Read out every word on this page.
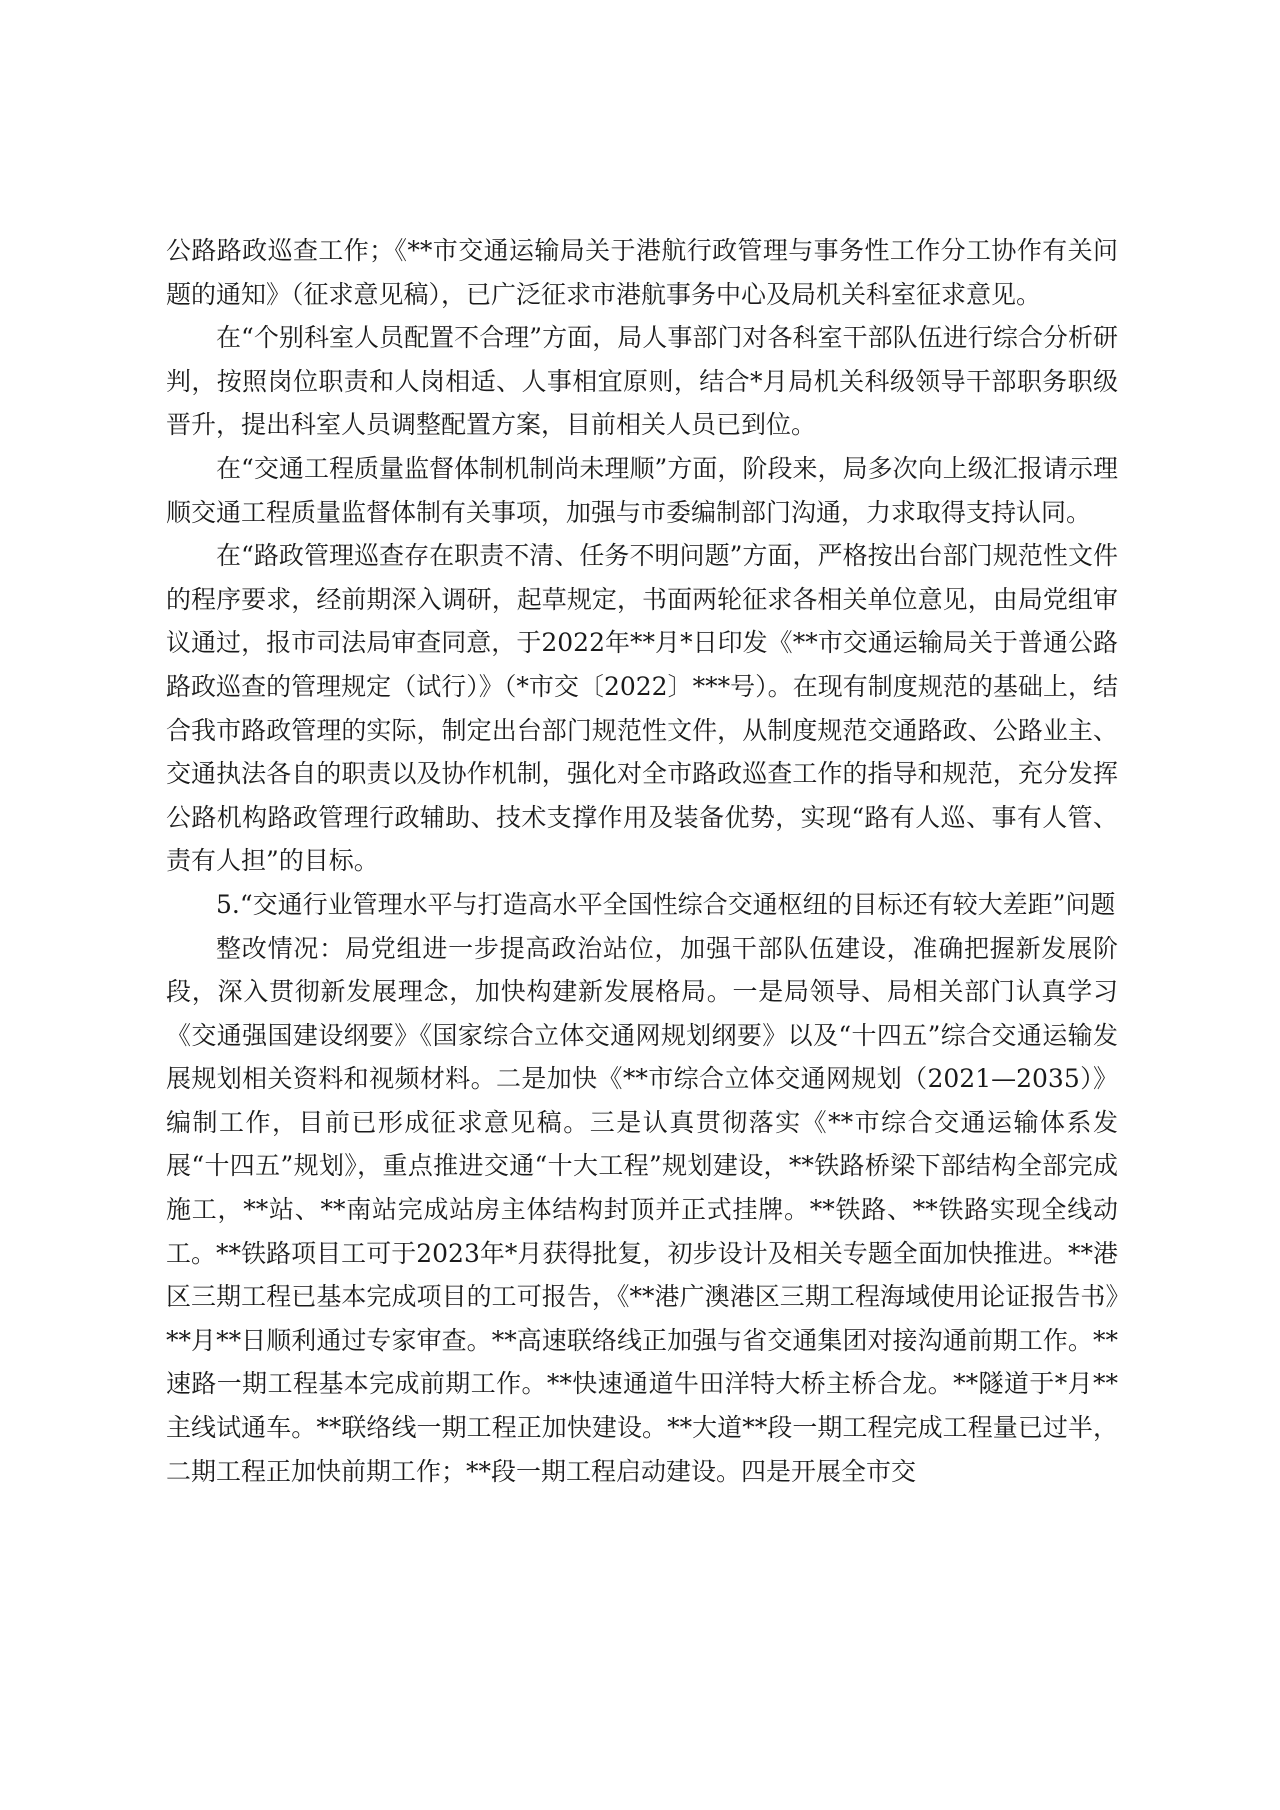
公路路政巡查工作；《**市交通运输局关于港航行政管理与事务性工作分工协作有关问题的通知》（征求意见稿），已广泛征求市港航事务中心及局机关科室征求意见。

在“个别科室人员配置不合理”方面，局人事部门对各科室干部队伍进行综合分析研判，按照岗位职责和人岗相适、人事相宜原则，结合*月局机关科级领导干部职务职级晋升，提出科室人员调整配置方案，目前相关人员已到位。

在“交通工程质量监督体制机制尚未理顺”方面，阶段来，局多次向上级汇报请示理顺交通工程质量监督体制有关事项，加强与市委编制部门沟通，力求取得支持认同。

在“路政管理巡查存在职责不清、任务不明问题”方面，严格按出台部门规范性文件的程序要求，经前期深入调研，起草规定，书面两轮征求各相关单位意见，由局党组审议通过，报市司法局审查同意，于2022年**月*日印发《**市交通运输局关于普通公路路政巡查的管理规定（试行）》（*市交〔2022〕***号）。在现有制度规范的基础上，结合我市路政管理的实际，制定出台部门规范性文件，从制度规范交通路政、公路业主、交通执法各自的职责以及协作机制，强化对全市路政巡查工作的指导和规范，充分发挥公路机构路政管理行政辅助、技术支撑作用及装备优势，实现“路有人巡、事有人管、责有人担”的目标。

5.“交通行业管理水平与打造高水平全国性综合交通枢纽的目标还有较大差距”问题

整改情况：局党组进一步提高政治站位，加强干部队伍建设，准确把握新发展阶段，深入贯彻新发展理念，加快构建新发展格局。一是局领导、局相关部门认真学习《交通强国建设纲要》《国家综合立体交通网规划纲要》以及“十四五”综合交通运输发展规划相关资料和视频材料。二是加快《**市综合立体交通网规划（2021—2035）》编制工作，目前已形成征求意见稿。三是认真贯彻落实《**市综合交通运输体系发展“十四五”规划》，重点推进交通“十大工程”规划建设，**铁路桥梁下部结构全部完成施工，**站、**南站完成站房主体结构封顶并正式挂牌。**铁路、**铁路实现全线动工。**铁路项目工可于2023年*月获得批复，初步设计及相关专题全面加快推进。**港区三期工程已基本完成项目的工可报告，《**港广澳港区三期工程海域使用论证报告书》**月**日顺利通过专家审查。**高速联络线正加强与省交通集团对接沟通前期工作。**速路一期工程基本完成前期工作。**快速通道牛田洋特大桥主桥合龙。**隧道于*月**主线试通车。**联络线一期工程正加快建设。**大道**段一期工程完成工程量已过半，二期工程正加快前期工作；**段一期工程启动建设。四是开展全市交
